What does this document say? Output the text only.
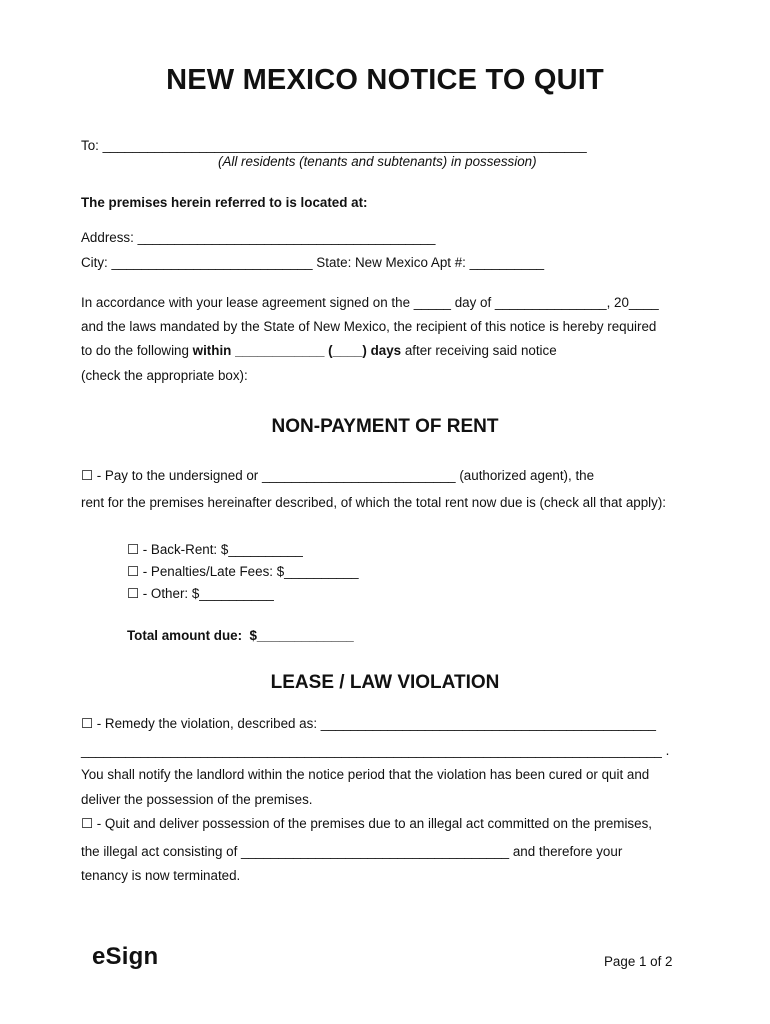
NEW MEXICO NOTICE TO QUIT
To: _________________________________________________________________
(All residents (tenants and subtenants) in possession)
The premises herein referred to is located at:
Address: ________________________________________
City: ___________________________ State: New Mexico Apt #: __________
In accordance with your lease agreement signed on the _____ day of _______________, 20____
and the laws mandated by the State of New Mexico, the recipient of this notice is hereby required
to do the following within ____________ (____) days after receiving said notice
(check the appropriate box):
NON-PAYMENT OF RENT
☐ - Pay to the undersigned or __________________________ (authorized agent), the
rent for the premises hereinafter described, of which the total rent now due is (check all that apply):
☐ - Back-Rent: $__________
☐ - Penalties/Late Fees: $__________
☐ - Other: $__________
Total amount due:  $_____________
LEASE / LAW VIOLATION
☐ - Remedy the violation, described as: _____________________________________________
______________________________________________________________________________ .
You shall notify the landlord within the notice period that the violation has been cured or quit and
deliver the possession of the premises.
☐ - Quit and deliver possession of the premises due to an illegal act committed on the premises,
the illegal act consisting of ____________________________________ and therefore your
tenancy is now terminated.
eSign	Page 1 of 2
